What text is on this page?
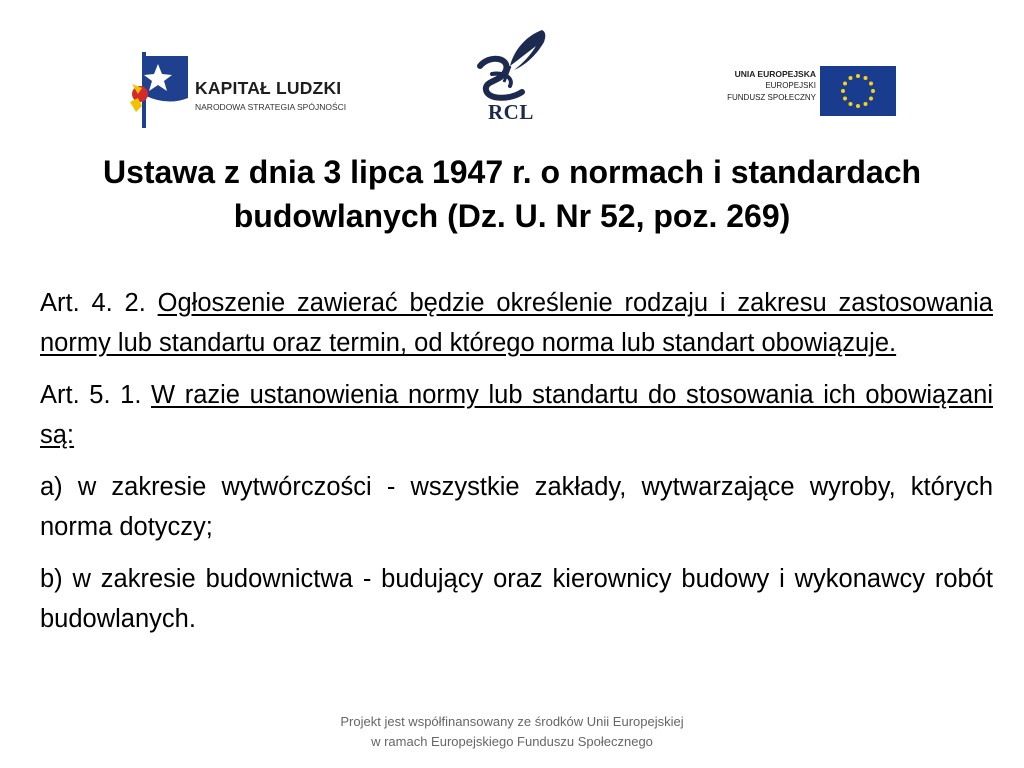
KAPITAŁ LUDZKI
NARODOWA STRATEGIA SPÓJNOŚCI	RCL
UNIA EUROPEJSKA
EUROPEJSKI
FUNDUSZ SPOŁECZNY
Ustawa z dnia 3 lipca 1947 r. o normach i standardach
budowlanych (Dz. U. Nr 52, poz. 269)

Art. 4. 2. Ogłoszenie zawierać będzie określenie rodzaju i zakresu zastosowania normy lub standartu oraz termin, od którego norma lub standart obowiązuje.

Art. 5. 1. W razie ustanowienia normy lub standartu do stosowania ich obowiązani są:

a) w zakresie wytwórczości - wszystkie zakłady, wytwarzające wyroby, których norma dotyczy;

b) w zakresie budownictwa - budujący oraz kierownicy budowy i wykonawcy robót budowlanych.

Projekt jest współfinansowany ze środków Unii Europejskiej
w ramach Europejskiego Funduszu Społecznego
